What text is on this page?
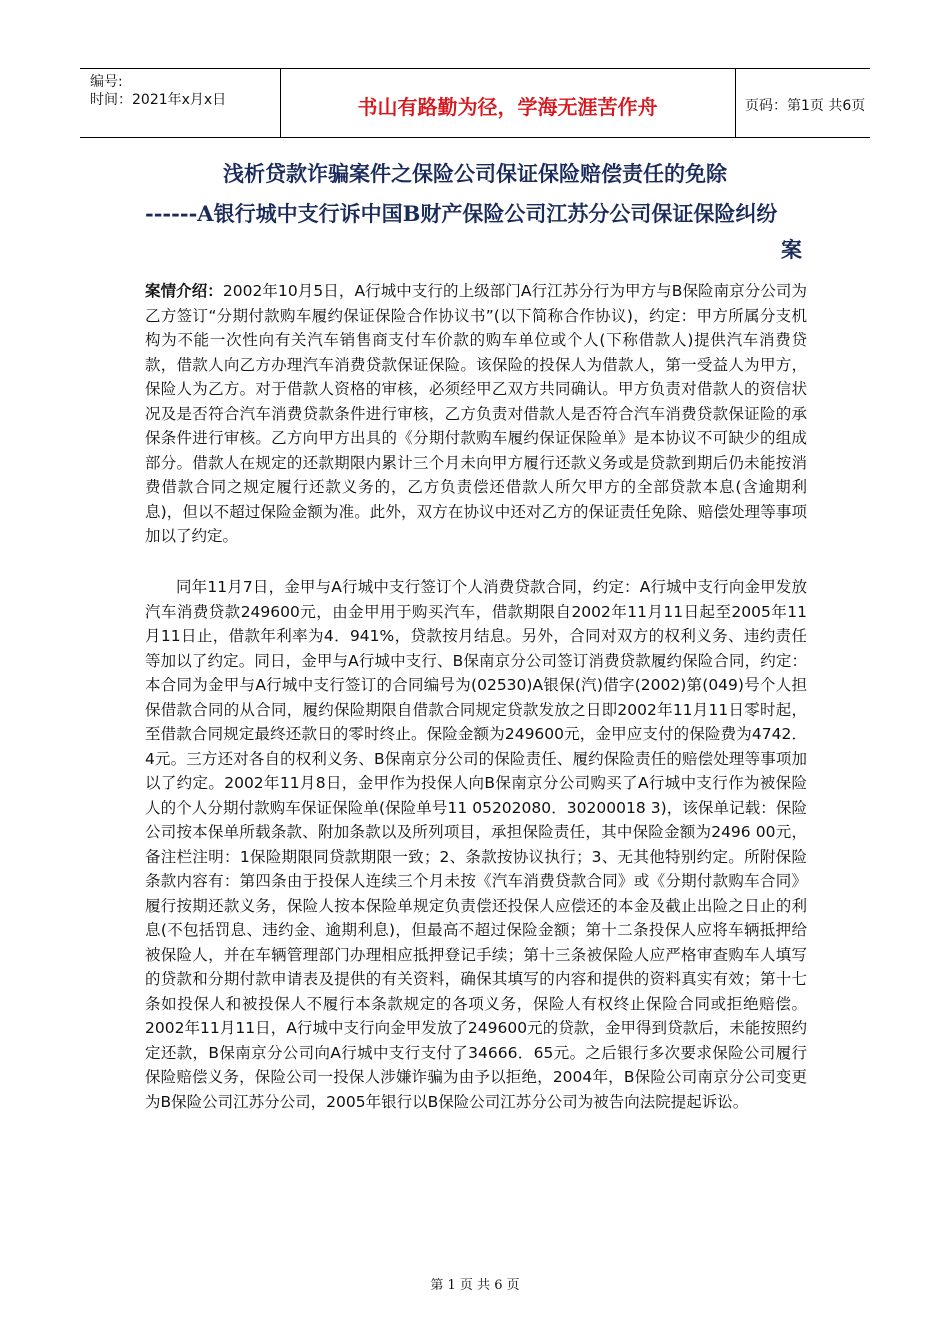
编号:
时间：2021年x月x日	书山有路勤为径，学海无涯苦作舟	页码：第1页 共6页
浅析贷款诈骗案件之保险公司保证保险赔偿责任的免除
------A银行城中支行诉中国B财产保险公司江苏分公司保证保险纠纷
案
案情介绍：2002年10月5日，A行城中支行的上级部门A行江苏分行为甲方与B保险南京分公司为乙方签订“分期付款购车履约保证保险合作协议书”(以下简称合作协议)，约定：甲方所属分支机构为不能一次性向有关汽车销售商支付车价款的购车单位或个人(下称借款人)提供汽车消费贷款，借款人向乙方办理汽车消费贷款保证保险。该保险的投保人为借款人，第一受益人为甲方，保险人为乙方。对于借款人资格的审核，必须经甲乙双方共同确认。甲方负责对借款人的资信状况及是否符合汽车消费贷款条件进行审核，乙方负责对借款人是否符合汽车消费贷款保证险的承保条件进行审核。乙方向甲方出具的《分期付款购车履约保证保险单》是本协议不可缺少的组成部分。借款人在规定的还款期限内累计三个月未向甲方履行还款义务或是贷款到期后仍未能按消费借款合同之规定履行还款义务的，乙方负责偿还借款人所欠甲方的全部贷款本息(含逾期利息)，但以不超过保险金额为准。此外，双方在协议中还对乙方的保证责任免除、赔偿处理等事项加以了约定。
同年11月7日，金甲与A行城中支行签订个人消费贷款合同，约定：A行城中支行向金甲发放汽车消费贷款249600元，由金甲用于购买汽车，借款期限自2002年11月11日起至2005年11月11日止，借款年利率为4．941%，贷款按月结息。另外，合同对双方的权利义务、违约责任等加以了约定。同日，金甲与A行城中支行、B保南京分公司签订消费贷款履约保险合同，约定：本合同为金甲与A行城中支行签订的合同编号为(02530)A银保(汽)借字(2002)第(049)号个人担保借款合同的从合同，履约保险期限自借款合同规定贷款发放之日即2002年11月11日零时起，至借款合同规定最终还款日的零时终止。保险金额为249600元，金甲应支付的保险费为4742．4元。三方还对各自的权利义务、B保南京分公司的保险责任、履约保险责任的赔偿处理等事项加以了约定。2002年11月8日，金甲作为投保人向B保南京分公司购买了A行城中支行作为被保险人的个人分期付款购车保证保险单(保险单号11 05202080．30200018 3)，该保单记载：保险公司按本保单所载条款、附加条款以及所列项目，承担保险责任，其中保险金额为2496 00元，备注栏注明：1保险期限同贷款期限一致；2、条款按协议执行；3、无其他特别约定。所附保险条款内容有：第四条由于投保人连续三个月未按《汽车消费贷款合同》或《分期付款购车合同》履行按期还款义务，保险人按本保险单规定负责偿还投保人应偿还的本金及截止出险之日止的利息(不包括罚息、违约金、逾期利息)，但最高不超过保险金额；第十二条投保人应将车辆抵押给被保险人，并在车辆管理部门办理相应抵押登记手续；第十三条被保险人应严格审查购车人填写的贷款和分期付款申请表及提供的有关资料，确保其填写的内容和提供的资料真实有效；第十七条如投保人和被投保人不履行本条款规定的各项义务，保险人有权终止保险合同或拒绝赔偿。2002年11月11日，A行城中支行向金甲发放了249600元的贷款，金甲得到贷款后，未能按照约定还款，B保南京分公司向A行城中支行支付了34666．65元。之后银行多次要求保险公司履行保险赔偿义务，保险公司一投保人涉嫌诈骗为由予以拒绝，2004年，B保险公司南京分公司变更为B保险公司江苏分公司，2005年银行以B保险公司江苏分公司为被告向法院提起诉讼。
第 1 页 共 6 页
